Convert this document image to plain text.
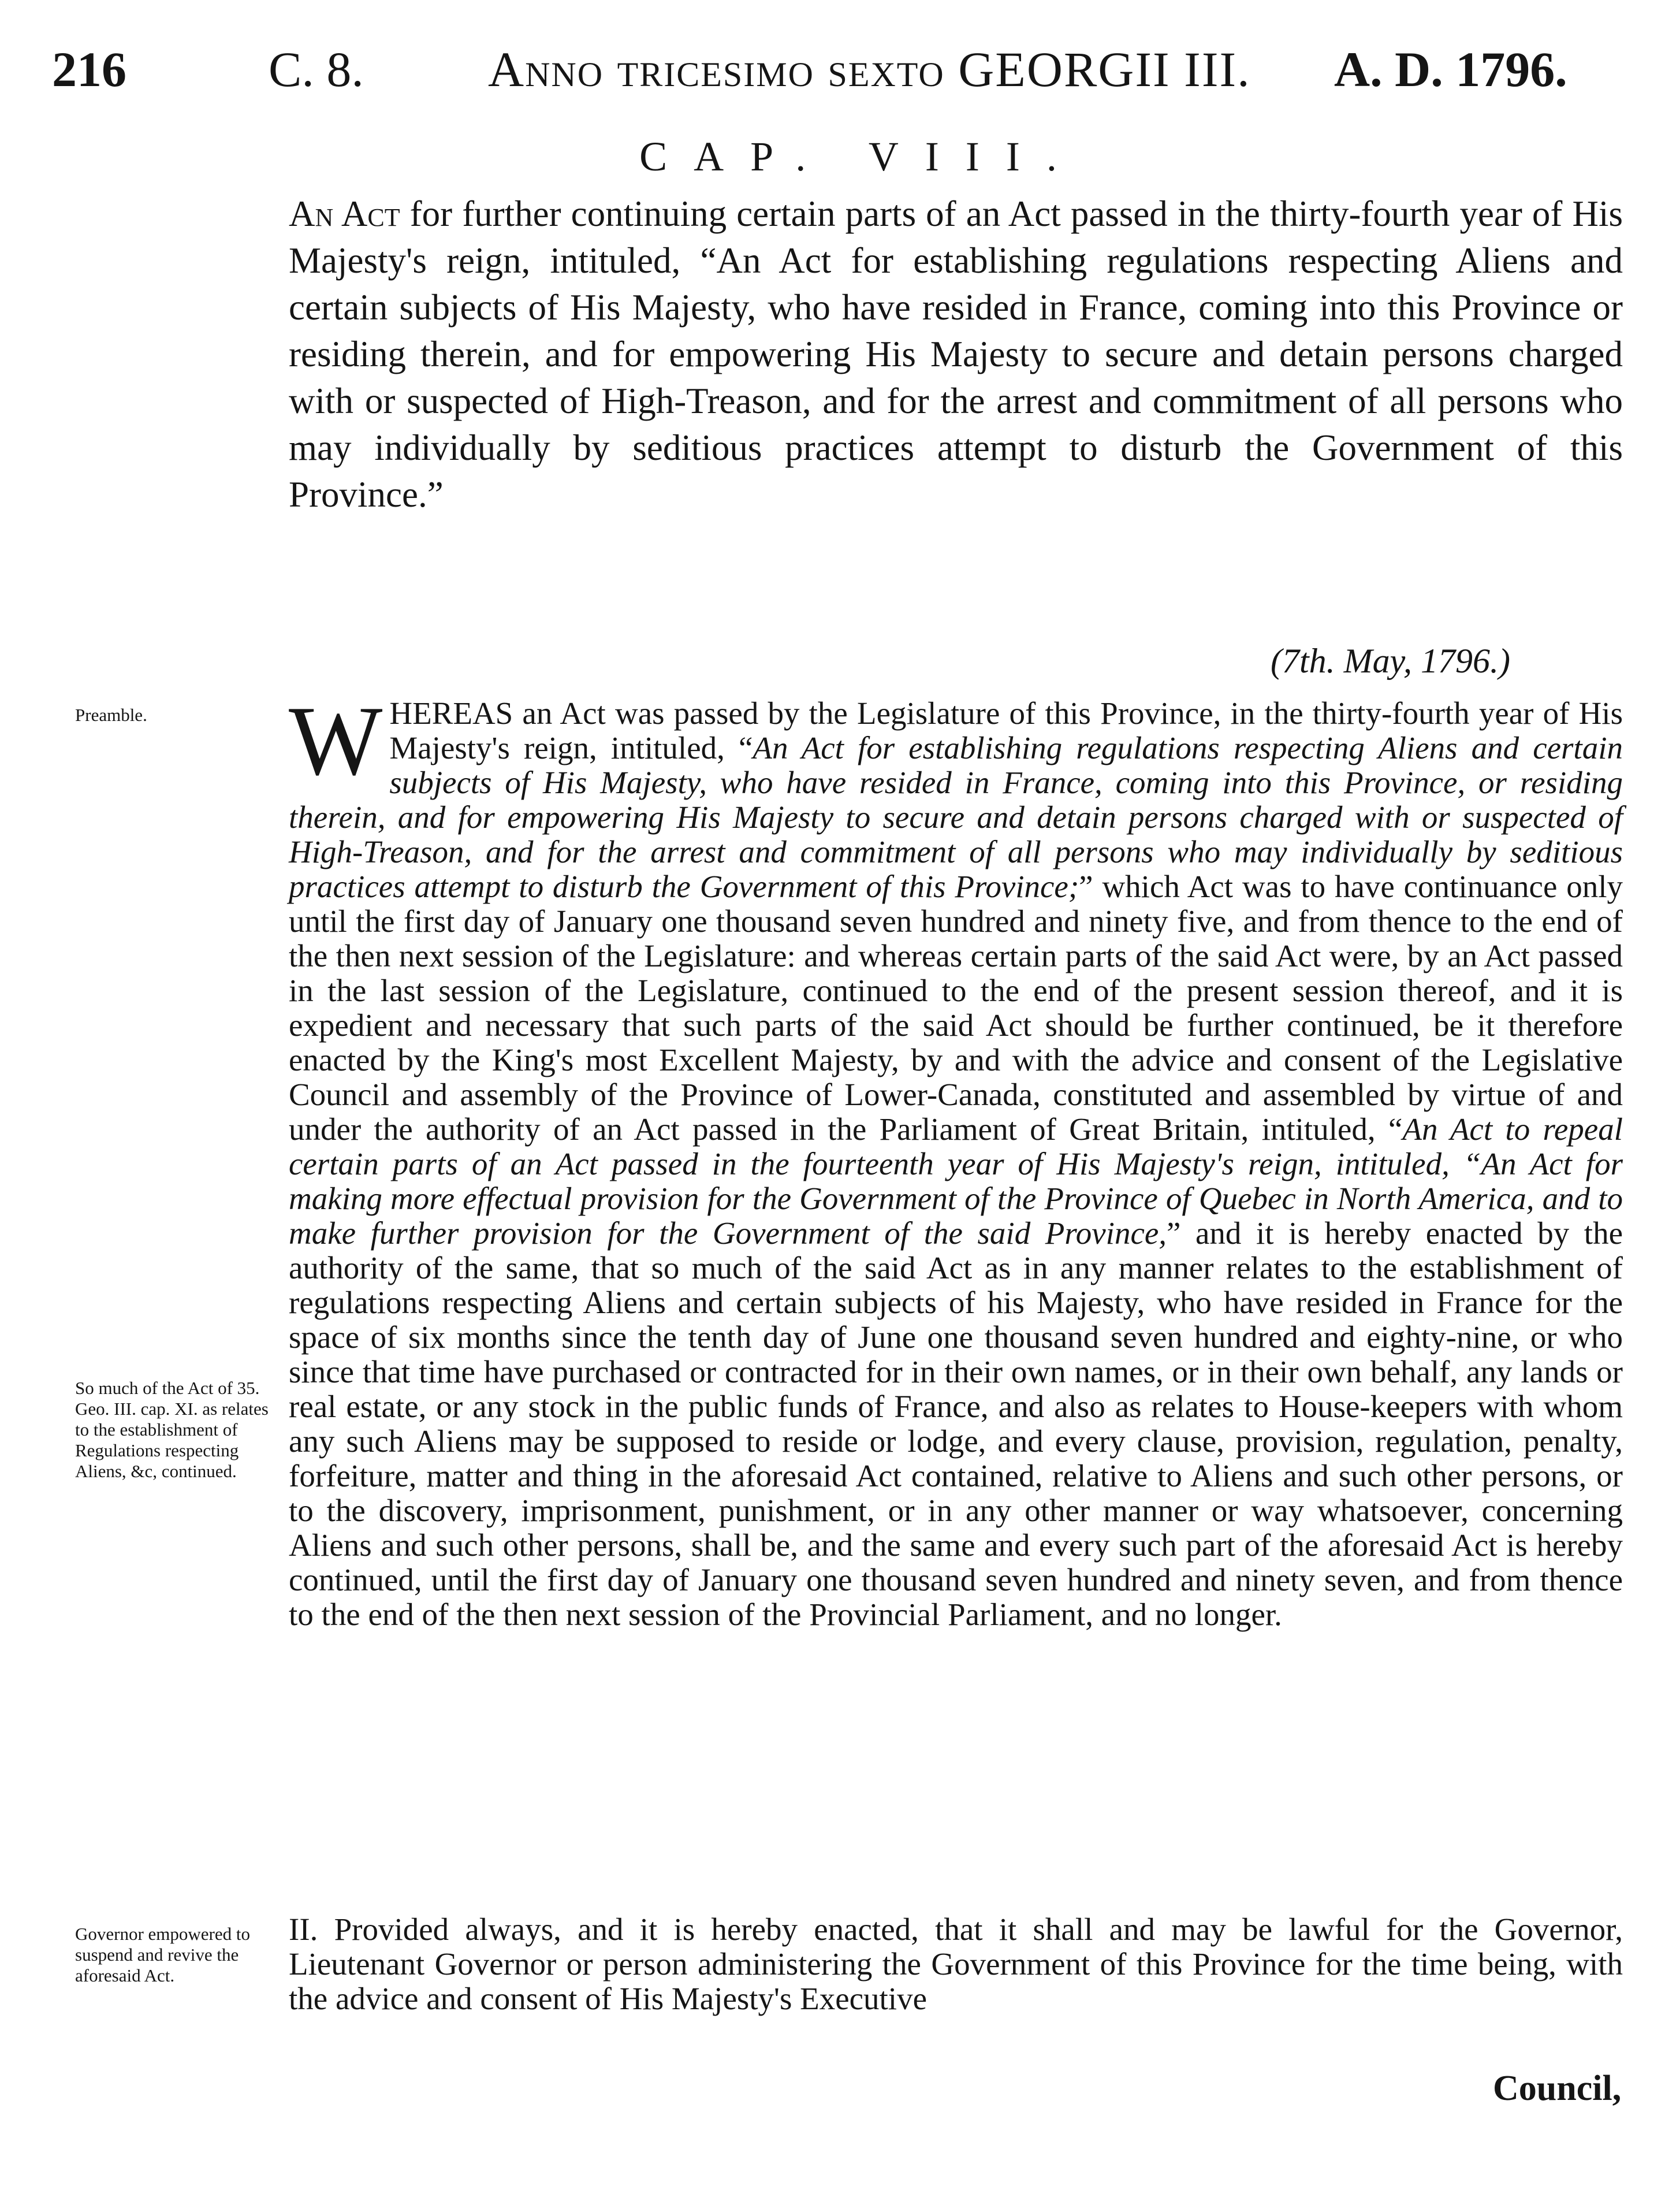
216	C. 8.	Anno tricesimo sexto GEORGII III. A. D. 1796.
CAP. VIII.
An Act for further continuing certain parts of an Act passed in the thirty-fourth year of His Majesty's reign, intituled, “An Act for establishing regulations respecting Aliens and certain subjects of His Majesty, who have resided in France, coming into this Province or residing therein, and for empowering His Majesty to secure and detain persons charged with or suspected of High-Treason, and for the arrest and commitment of all persons who may individually by seditious practices attempt to disturb the Government of this Province.”
(7th. May, 1796.)
Preamble.
So much of the Act of 35. Geo. III. cap. XI. as relates to the establishment of Regulations respecting Aliens, &c, continued.
Governor empowered to suspend and revive the aforesaid Act.
WHEREAS an Act was passed by the Legislature of this Province, in the thirty-fourth year of His Majesty's reign, intituled, “An Act for establishing regulations respecting Aliens and certain subjects of His Majesty, who have resided in France, coming into this Province, or residing therein, and for empowering His Majesty to secure and detain persons charged with or suspected of High-Treason, and for the arrest and commitment of all persons who may individually by seditious practices attempt to disturb the Government of this Province;” which Act was to have continuance only until the first day of January one thousand seven hundred and ninety five, and from thence to the end of the then next session of the Legislature: and whereas certain parts of the said Act were, by an Act passed in the last session of the Legislature, continued to the end of the present session thereof, and it is expedient and necessary that such parts of the said Act should be further continued, be it therefore enacted by the King's most Excellent Majesty, by and with the advice and consent of the Legislative Council and assembly of the Province of Lower-Canada, constituted and assembled by virtue of and under the authority of an Act passed in the Parliament of Great Britain, intituled, “An Act to repeal certain parts of an Act passed in the fourteenth year of His Majesty's reign, intituled, “An Act for making more effectual provision for the Government of the Province of Quebec in North America, and to make further provision for the Government of the said Province,” and it is hereby enacted by the authority of the same, that so much of the said Act as in any manner relates to the establishment of regulations respecting Aliens and certain subjects of his Majesty, who have resided in France for the space of six months since the tenth day of June one thousand seven hundred and eighty-nine, or who since that time have purchased or contracted for in their own names, or in their own behalf, any lands or real estate, or any stock in the public funds of France, and also as relates to House-keepers with whom any such Aliens may be supposed to reside or lodge, and every clause, provision, regulation, penalty, forfeiture, matter and thing in the aforesaid Act contained, relative to Aliens and such other persons, or to the discovery, imprisonment, punishment, or in any other manner or way whatsoever, concerning Aliens and such other persons, shall be, and the same and every such part of the aforesaid Act is hereby continued, until the first day of January one thousand seven hundred and ninety seven, and from thence to the end of the then next session of the Provincial Parliament, and no longer.
II. Provided always, and it is hereby enacted, that it shall and may be lawful for the Governor, Lieutenant Governor or person administering the Government of this Province for the time being, with the advice and consent of His Majesty's Executive
Council,
